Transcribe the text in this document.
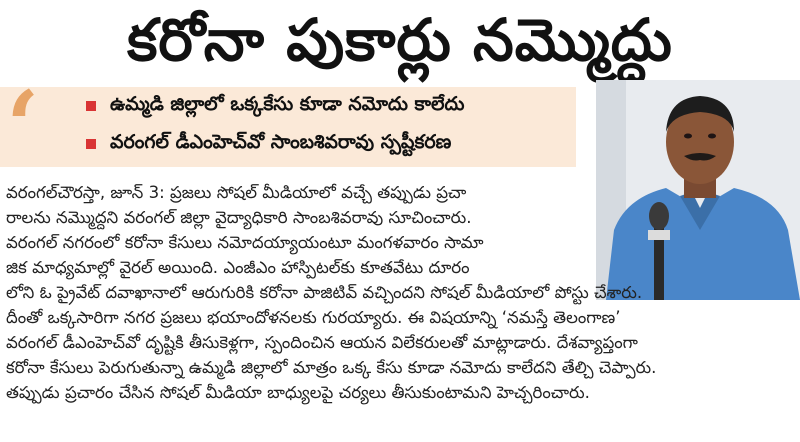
కరోనా పుకార్లు నమ్మొద్దు
‘	ఉమ్మడి జిల్లాలో ఒక్కకేసు కూడా నమోదు కాలేదు
వరంగల్ డీఎంహెచ్‌వో సాంబశివరావు స్పష్టీకరణ
వరంగల్‌చౌరస్తా, జూన్ 3: ప్రజలు సోషల్ మీడియాలో వచ్చే తప్పుడు ప్రచా
రాలను నమ్మొద్దని వరంగల్ జిల్లా వైద్యాధికారి సాంబశివరావు సూచించారు.
వరంగల్ నగరంలో కరోనా కేసులు నమోదయ్యాయంటూ మంగళవారం సామా
జిక మాధ్యమాల్లో వైరల్ అయింది. ఎంజీఎం హాస్పిటల్‌కు కూతవేటు దూరం
లోని ఓ ప్రైవేట్ దవాఖానాలో ఆరుగురికి కరోనా పాజిటివ్ వచ్చిందని సోషల్ మీడియాలో పోస్టు చేశారు.
దీంతో ఒక్కసారిగా నగర ప్రజలు భయాందోళనలకు గురయ్యారు. ఈ విషయాన్ని ‘నమస్తే తెలంగాణ’
వరంగల్ డీఎంహెచ్‌వో దృష్టికి తీసుకెళ్లగా, స్పందించిన ఆయన విలేకరులతో మాట్లాడారు. దేశవ్యాప్తంగా
కరోనా కేసులు పెరుగుతున్నా ఉమ్మడి జిల్లాలో మాత్రం ఒక్క కేసు కూడా నమోదు కాలేదని తేల్చి చెప్పారు.
తప్పుడు ప్రచారం చేసిన సోషల్ మీడియా బాధ్యులపై చర్యలు తీసుకుంటామని హెచ్చరించారు.
